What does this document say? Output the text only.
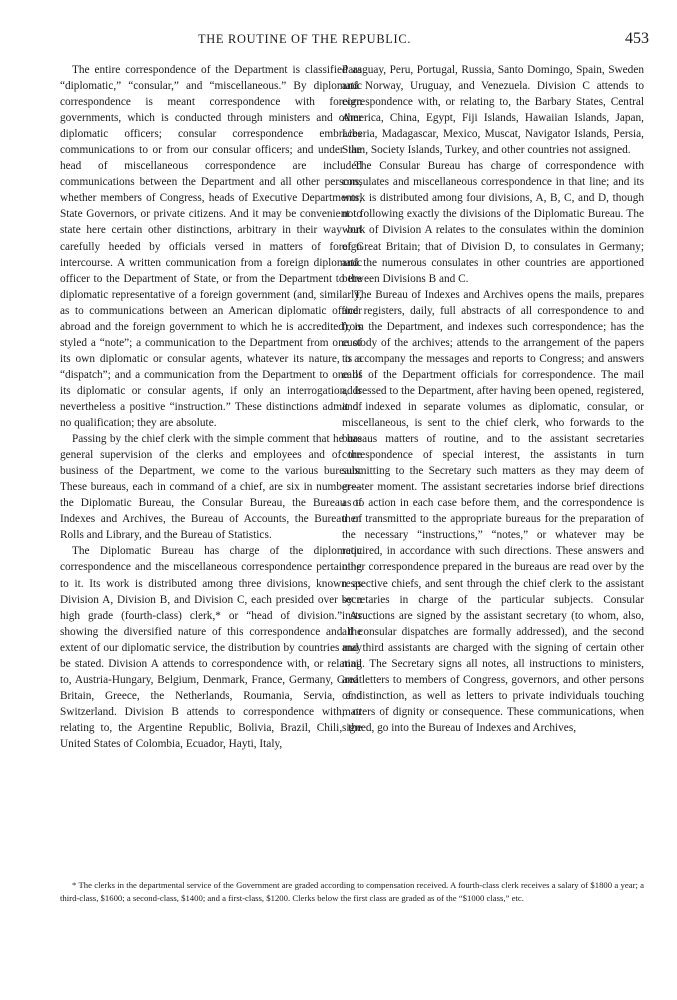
THE ROUTINE OF THE REPUBLIC.	453

The entire correspondence of the Department is classified as “diplomatic,” “consular,” and “miscellaneous.” By diplomatic correspondence is meant correspondence with foreign governments, which is conducted through ministers and other diplomatic officers; consular correspondence embraces communications to or from our consular officers; and under the head of miscellaneous correspondence are included communications between the Department and all other persons, whether members of Congress, heads of Executive Departments, State Governors, or private citizens. And it may be convenient to state here certain other distinctions, arbitrary in their way but carefully heeded by officials versed in matters of foreign intercourse. A written communication from a foreign diplomatic officer to the Department of State, or from the Department to the diplomatic representative of a foreign government (and, similarly, as to communications between an American diplomatic officer abroad and the foreign government to which he is accredited), is styled a “note”; a communication to the Department from one of its own diplomatic or consular agents, whatever its nature, is a “dispatch”; and a communication from the Department to one of its diplomatic or consular agents, if only an interrogation, is nevertheless a positive “instruction.” These distinctions admit of no qualification; they are absolute.

Passing by the chief clerk with the simple comment that he has general supervision of the clerks and employees and of the business of the Department, we come to the various bureaus. These bureaus, each in command of a chief, are six in number—the Diplomatic Bureau, the Consular Bureau, the Bureau of Indexes and Archives, the Bureau of Accounts, the Bureau of Rolls and Library, and the Bureau of Statistics.

The Diplomatic Bureau has charge of the diplomatic correspondence and the miscellaneous correspondence pertaining to it. Its work is distributed among three divisions, known as Division A, Division B, and Division C, each presided over by a high grade (fourth-class) clerk,* or “head of division.” As showing the diversified nature of this correspondence and the extent of our diplomatic service, the distribution by countries may be stated. Division A attends to correspondence with, or relating to, Austria-Hungary, Belgium, Denmark, France, Germany, Great Britain, Greece, the Netherlands, Roumania, Servia, and Switzerland. Division B attends to correspondence with, or relating to, the Argentine Republic, Bolivia, Brazil, Chili, the United States of Colombia, Ecuador, Hayti, Italy,

Paraguay, Peru, Portugal, Russia, Santo Domingo, Spain, Sweden and Norway, Uruguay, and Venezuela. Division C attends to correspondence with, or relating to, the Barbary States, Central America, China, Egypt, Fiji Islands, Hawaiian Islands, Japan, Liberia, Madagascar, Mexico, Muscat, Navigator Islands, Persia, Siam, Society Islands, Turkey, and other countries not assigned.

The Consular Bureau has charge of correspondence with consulates and miscellaneous correspondence in that line; and its work is distributed among four divisions, A, B, C, and D, though not following exactly the divisions of the Diplomatic Bureau. The work of Division A relates to the consulates within the dominion of Great Britain; that of Division D, to consulates in Germany; and the numerous consulates in other countries are apportioned between Divisions B and C.

The Bureau of Indexes and Archives opens the mails, prepares and registers, daily, full abstracts of all correspondence to and from the Department, and indexes such correspondence; has the custody of the archives; attends to the arrangement of the papers to accompany the messages and reports to Congress; and answers calls of the Department officials for correspondence. The mail addressed to the Department, after having been opened, registered, and indexed in separate volumes as diplomatic, consular, or miscellaneous, is sent to the chief clerk, who forwards to the bureaus matters of routine, and to the assistant secretaries correspondence of special interest, the assistants in turn submitting to the Secretary such matters as they may deem of greater moment. The assistant secretaries indorse brief directions as to action in each case before them, and the correspondence is then transmitted to the appropriate bureaus for the preparation of the necessary “instructions,” “notes,” or whatever may be required, in accordance with such directions. These answers and other correspondence prepared in the bureaus are read over by the respective chiefs, and sent through the chief clerk to the assistant secretaries in charge of the particular subjects. Consular instructions are signed by the assistant secretary (to whom, also, all consular dispatches are formally addressed), and the second and third assistants are charged with the signing of certain other mail. The Secretary signs all notes, all instructions to ministers, and letters to members of Congress, governors, and other persons of distinction, as well as letters to private individuals touching matters of dignity or consequence. These communications, when signed, go into the Bureau of Indexes and Archives,

* The clerks in the departmental service of the Government are graded according to compensation received. A fourth-class clerk receives a salary of $1800 a year; a third-class, $1600; a second-class, $1400; and a first-class, $1200. Clerks below the first class are graded as of the “$1000 class,” etc.
